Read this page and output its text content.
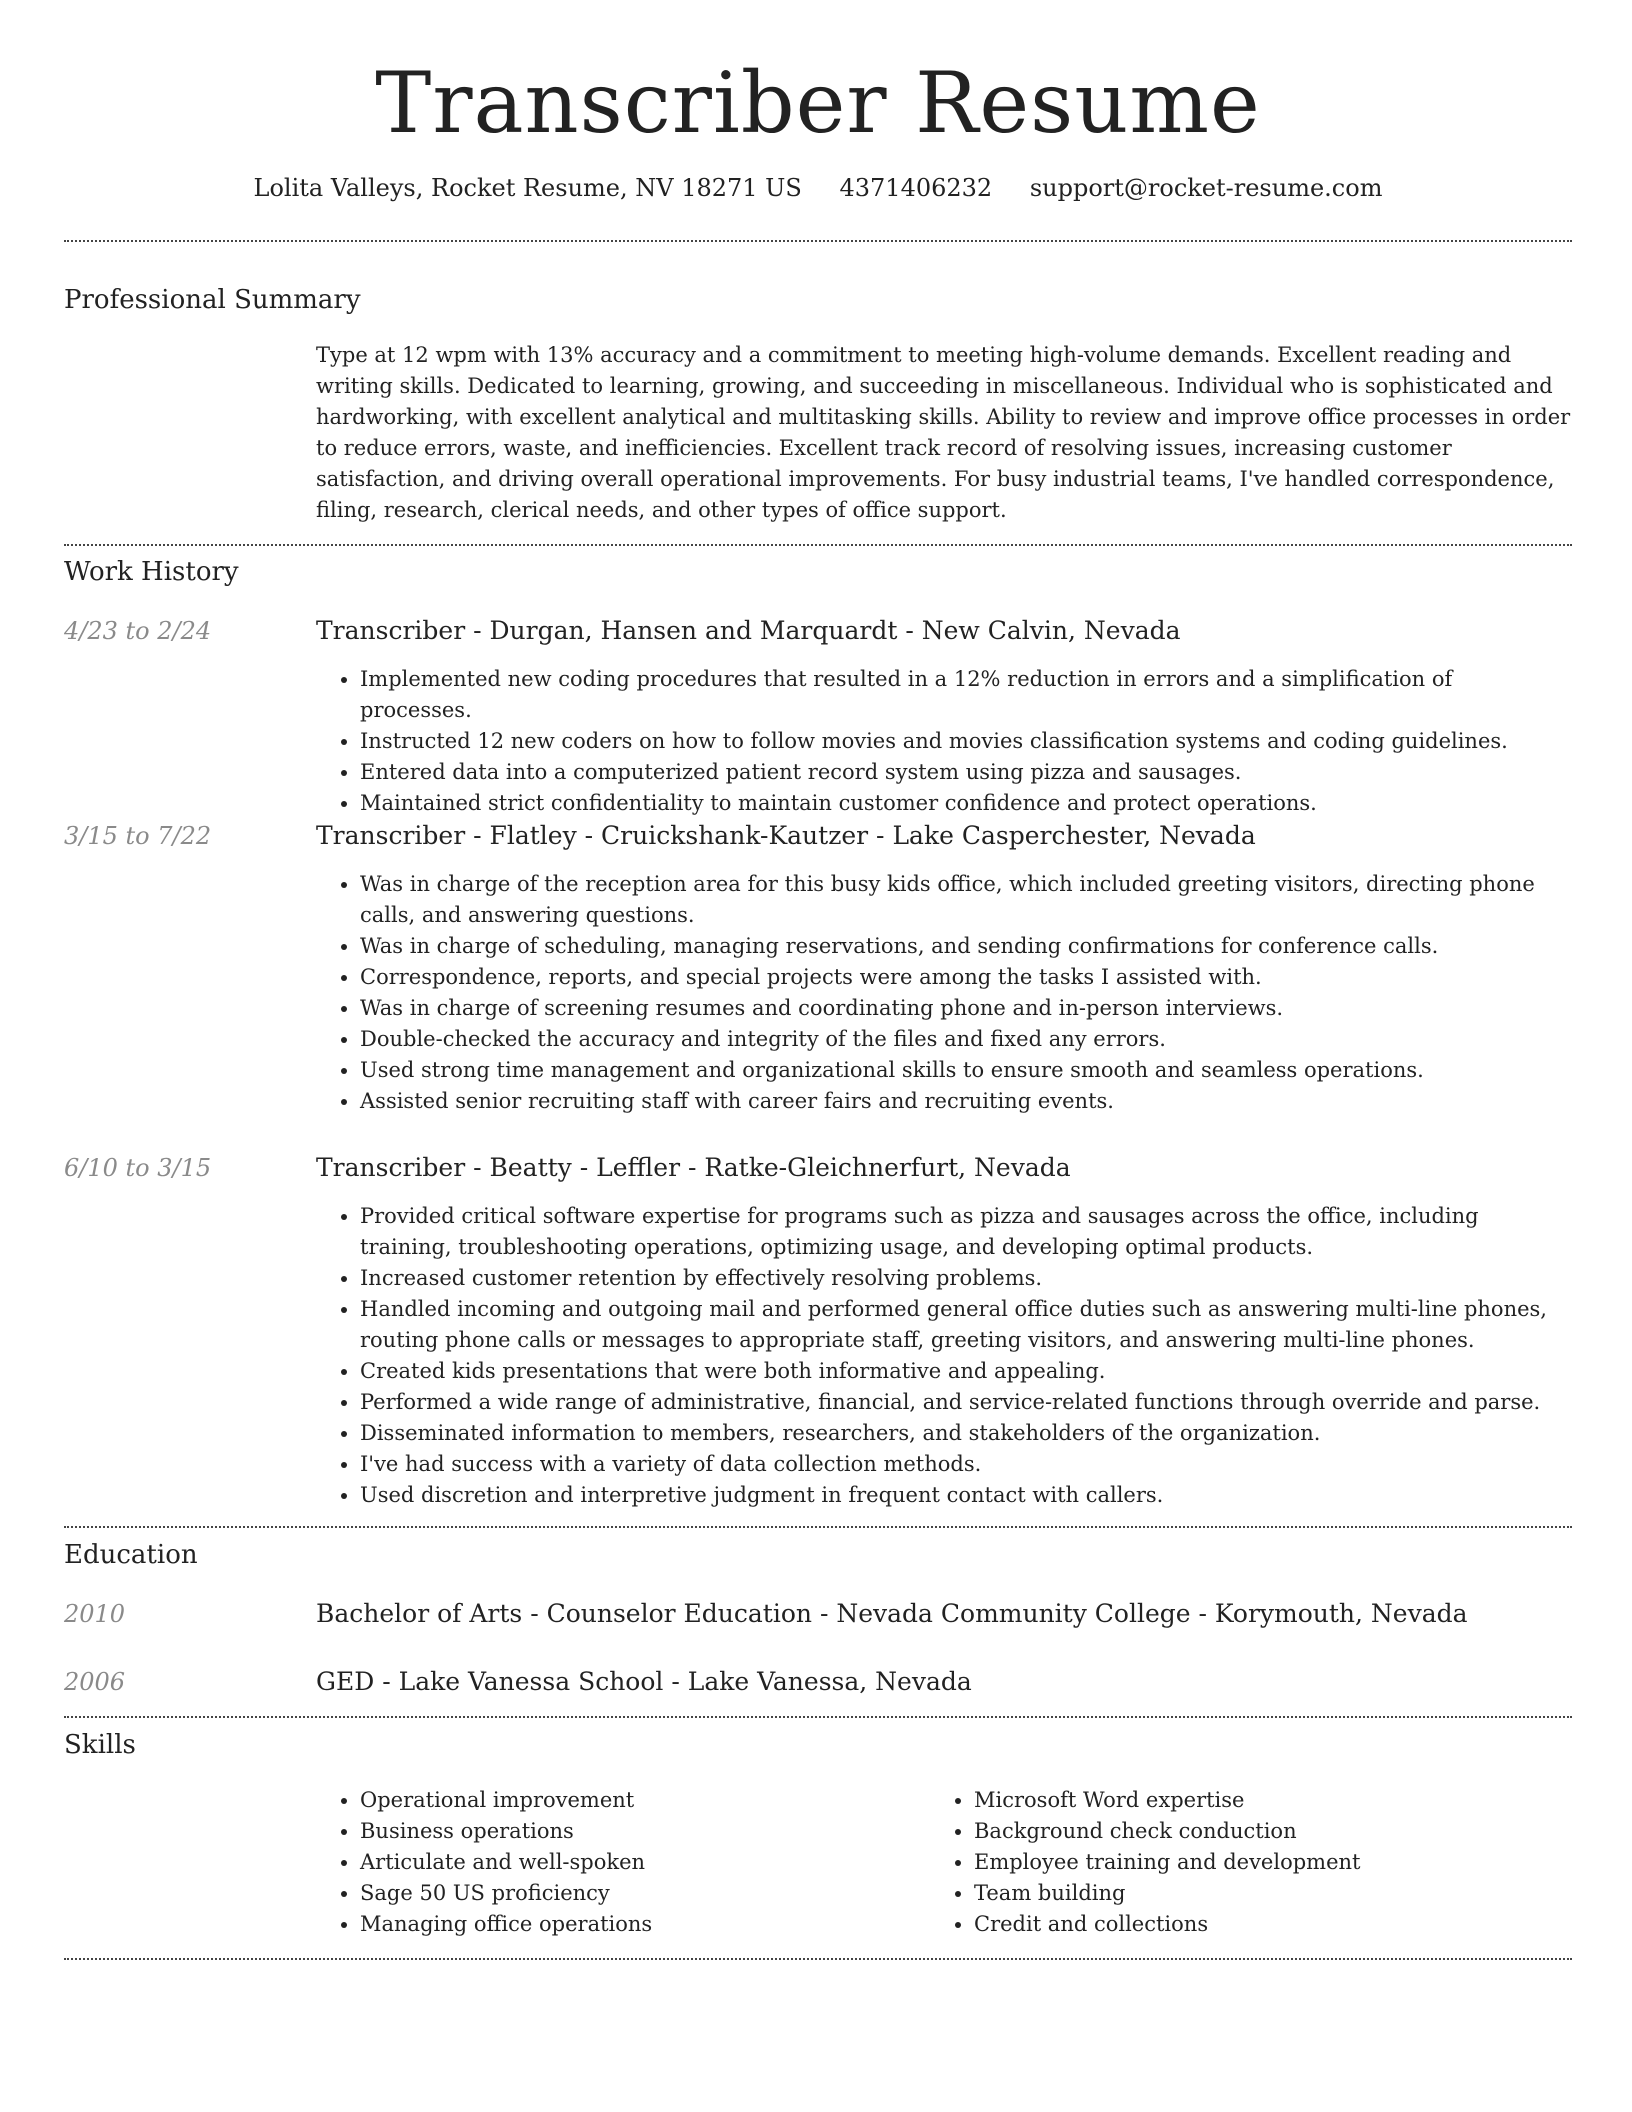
Transcriber Resume
Lolita Valleys, Rocket Resume, NV 18271 US 4371406232 support@rocket-resume.com
Professional Summary
Type at 12 wpm with 13% accuracy and a commitment to meeting high-volume demands. Excellent reading and writing skills. Dedicated to learning, growing, and succeeding in miscellaneous. Individual who is sophisticated and hardworking, with excellent analytical and multitasking skills. Ability to review and improve office processes in order to reduce errors, waste, and inefficiencies. Excellent track record of resolving issues, increasing customer satisfaction, and driving overall operational improvements. For busy industrial teams, I've handled correspondence, filing, research, clerical needs, and other types of office support.
Work History
4/23 to 2/24	Transcriber - Durgan, Hansen and Marquardt - New Calvin, Nevada
• Implemented new coding procedures that resulted in a 12% reduction in errors and a simplification of processes.
• Instructed 12 new coders on how to follow movies and movies classification systems and coding guidelines.
• Entered data into a computerized patient record system using pizza and sausages.
• Maintained strict confidentiality to maintain customer confidence and protect operations.
3/15 to 7/22	Transcriber - Flatley - Cruickshank-Kautzer - Lake Casperchester, Nevada
• Was in charge of the reception area for this busy kids office, which included greeting visitors, directing phone calls, and answering questions.
• Was in charge of scheduling, managing reservations, and sending confirmations for conference calls.
• Correspondence, reports, and special projects were among the tasks I assisted with.
• Was in charge of screening resumes and coordinating phone and in-person interviews.
• Double-checked the accuracy and integrity of the files and fixed any errors.
• Used strong time management and organizational skills to ensure smooth and seamless operations.
• Assisted senior recruiting staff with career fairs and recruiting events.
6/10 to 3/15	Transcriber - Beatty - Leffler - Ratke-Gleichnerfurt, Nevada
• Provided critical software expertise for programs such as pizza and sausages across the office, including training, troubleshooting operations, optimizing usage, and developing optimal products.
• Increased customer retention by effectively resolving problems.
• Handled incoming and outgoing mail and performed general office duties such as answering multi-line phones, routing phone calls or messages to appropriate staff, greeting visitors, and answering multi-line phones.
• Created kids presentations that were both informative and appealing.
• Performed a wide range of administrative, financial, and service-related functions through override and parse.
• Disseminated information to members, researchers, and stakeholders of the organization.
• I've had success with a variety of data collection methods.
• Used discretion and interpretive judgment in frequent contact with callers.
Education
2010	Bachelor of Arts - Counselor Education - Nevada Community College - Korymouth, Nevada
2006	GED - Lake Vanessa School - Lake Vanessa, Nevada
Skills
• Operational improvement
• Business operations
• Articulate and well-spoken
• Sage 50 US proficiency
• Managing office operations
• Microsoft Word expertise
• Background check conduction
• Employee training and development
• Team building
• Credit and collections
